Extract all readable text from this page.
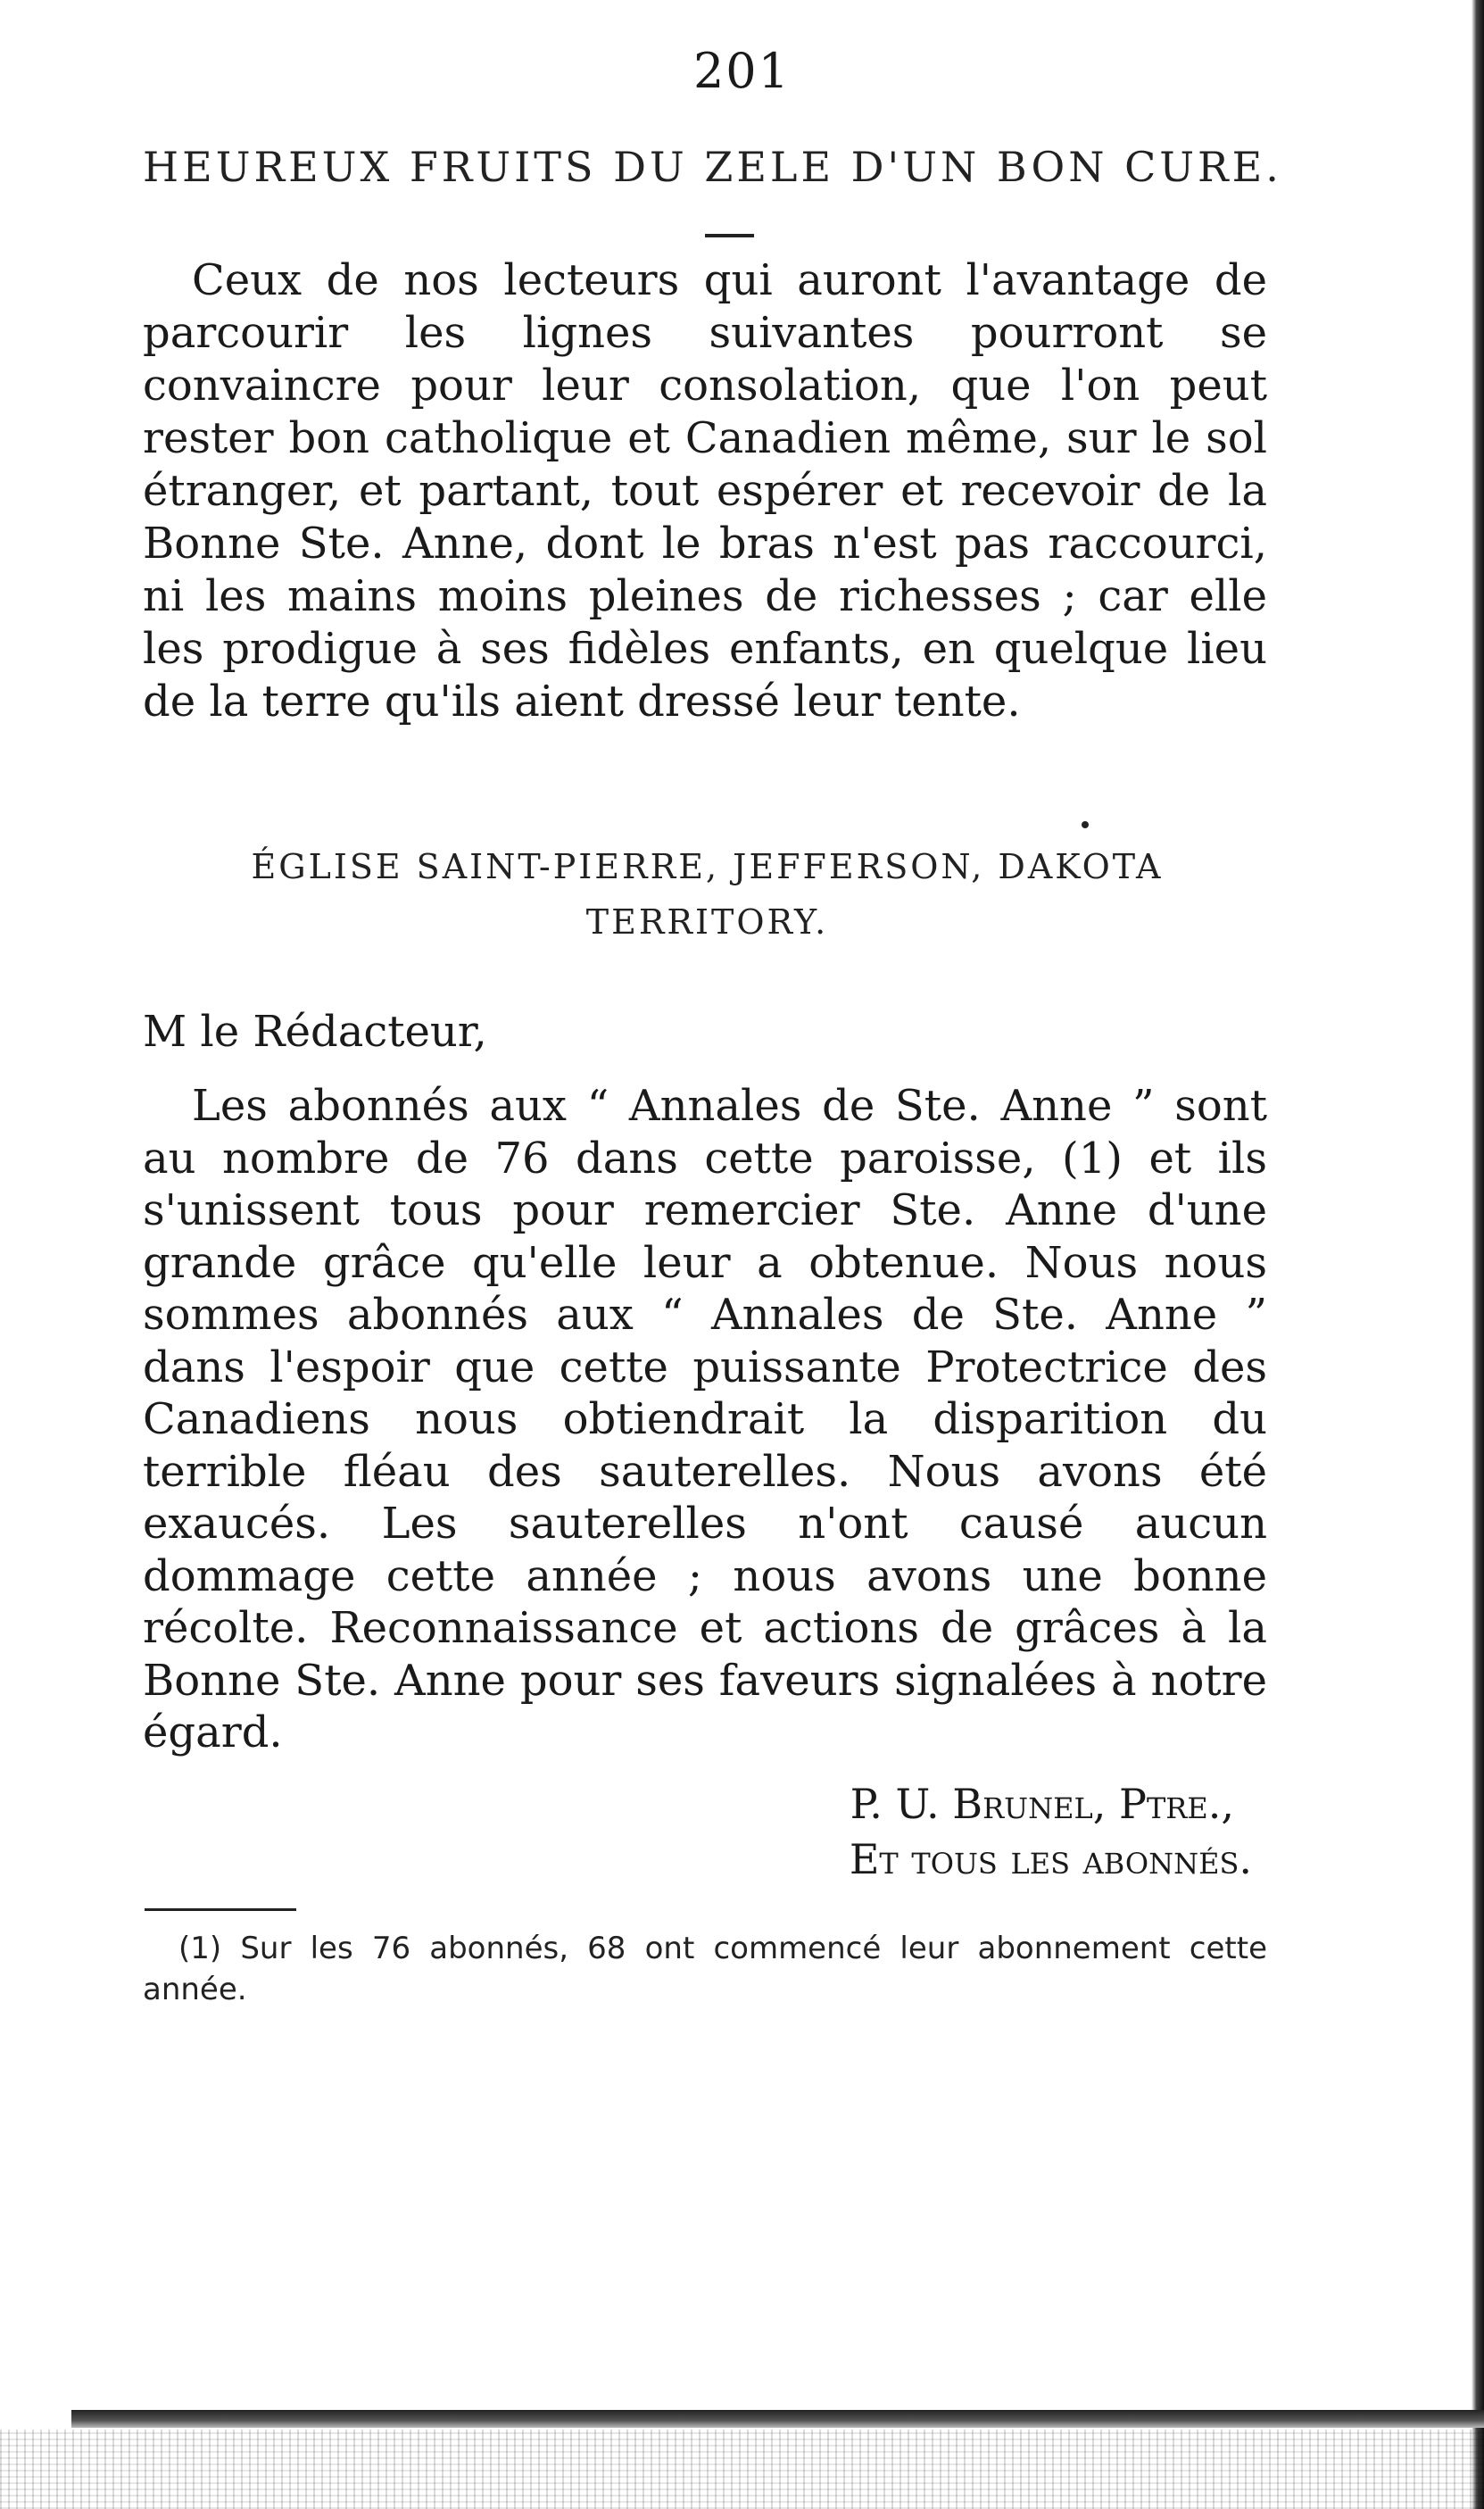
201
HEUREUX FRUITS DU ZELE D'UN BON CURE.

Ceux de nos lecteurs qui auront l'avantage de parcourir les lignes suivantes pourront se convaincre pour leur consolation, que l'on peut rester bon catholique et Canadien même, sur le sol étranger, et partant, tout espérer et recevoir de la Bonne Ste. Anne, dont le bras n'est pas raccourci, ni les mains moins pleines de richesses ; car elle les prodigue à ses fidèles enfants, en quelque lieu de la terre qu'ils aient dressé leur tente.

ÉGLISE SAINT-PIERRE, JEFFERSON, DAKOTA
TERRITORY.
M le Rédacteur,

Les abonnés aux “ Annales de Ste. Anne ” sont au nombre de 76 dans cette paroisse, (1) et ils s'unissent tous pour remercier Ste. Anne d'une grande grâce qu'elle leur a obtenue. Nous nous sommes abonnés aux “ Annales de Ste. Anne ” dans l'espoir que cette puissante Protectrice des Canadiens nous obtiendrait la disparition du terrible fléau des sauterelles. Nous avons été exaucés. Les sauterelles n'ont causé aucun dommage cette année ; nous avons une bonne récolte. Reconnaissance et actions de grâces à la Bonne Ste. Anne pour ses faveurs signalées à notre égard.

P. U. Brunel, Ptre.,
Et tous les abonnés.
(1) Sur les 76 abonnés, 68 ont commencé leur abonnement cette année.
